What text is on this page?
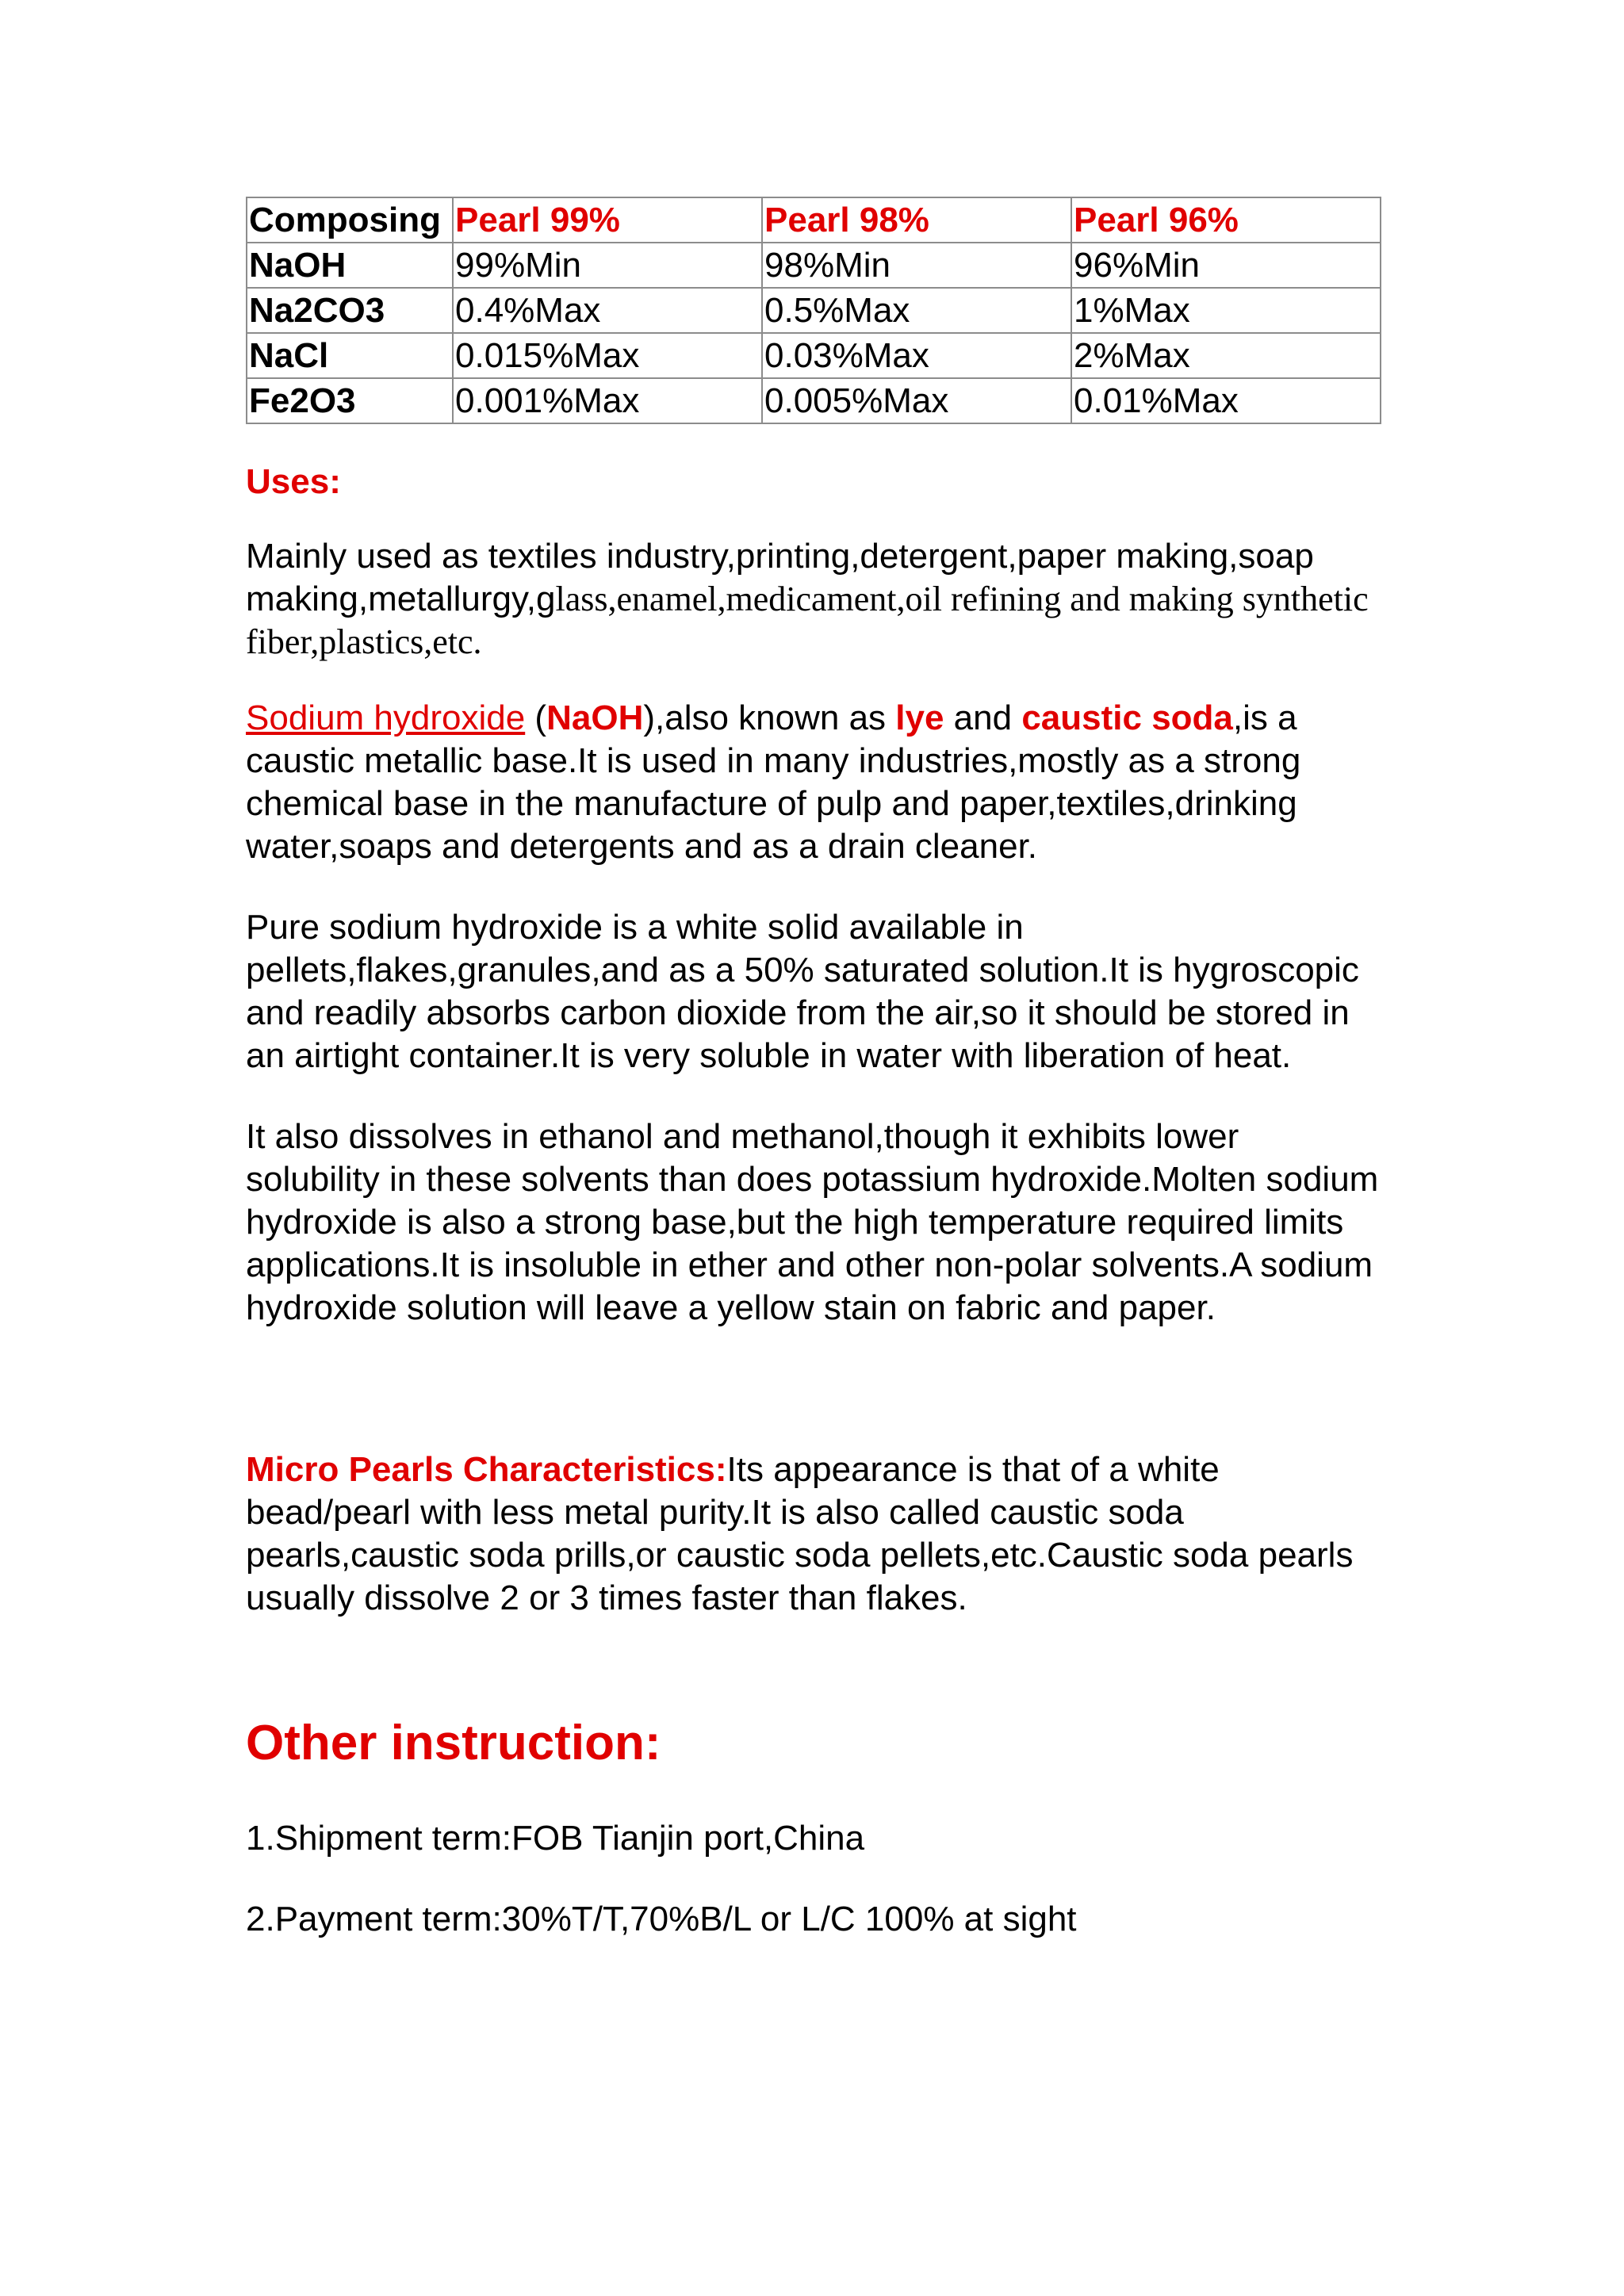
Composing	Pearl 99%	Pearl 98%	Pearl 96%
NaOH	99%Min	98%Min	96%Min
Na2CO3	0.4%Max	0.5%Max	1%Max
NaCl	0.015%Max	0.03%Max	2%Max
Fe2O3	0.001%Max	0.005%Max	0.01%Max

Uses:

Mainly used as textiles industry,printing,detergent,paper making,soap making,metallurgy,glass,enamel,medicament,oil refining and making synthetic fiber,plastics,etc.

Sodium hydroxide (NaOH),also known as lye and caustic soda,is a caustic metallic base.It is used in many industries,mostly as a strong chemical base in the manufacture of pulp and paper,textiles,drinking water,soaps and detergents and as a drain cleaner.

Pure sodium hydroxide is a white solid available in pellets,flakes,granules,and as a 50% saturated solution.It is hygroscopic and readily absorbs carbon dioxide from the air,so it should be stored in an airtight container.It is very soluble in water with liberation of heat.

It also dissolves in ethanol and methanol,though it exhibits lower solubility in these solvents than does potassium hydroxide.Molten sodium hydroxide is also a strong base,but the high temperature required limits applications.It is insoluble in ether and other non-polar solvents.A sodium hydroxide solution will leave a yellow stain on fabric and paper.

Micro Pearls Characteristics:Its appearance is that of a white bead/pearl with less metal purity.It is also called caustic soda pearls,caustic soda prills,or caustic soda pellets,etc.Caustic soda pearls usually dissolve 2 or 3 times faster than flakes.

Other instruction:

1.Shipment term:FOB Tianjin port,China

2.Payment term:30%T/T,70%B/L or L/C 100% at sight
